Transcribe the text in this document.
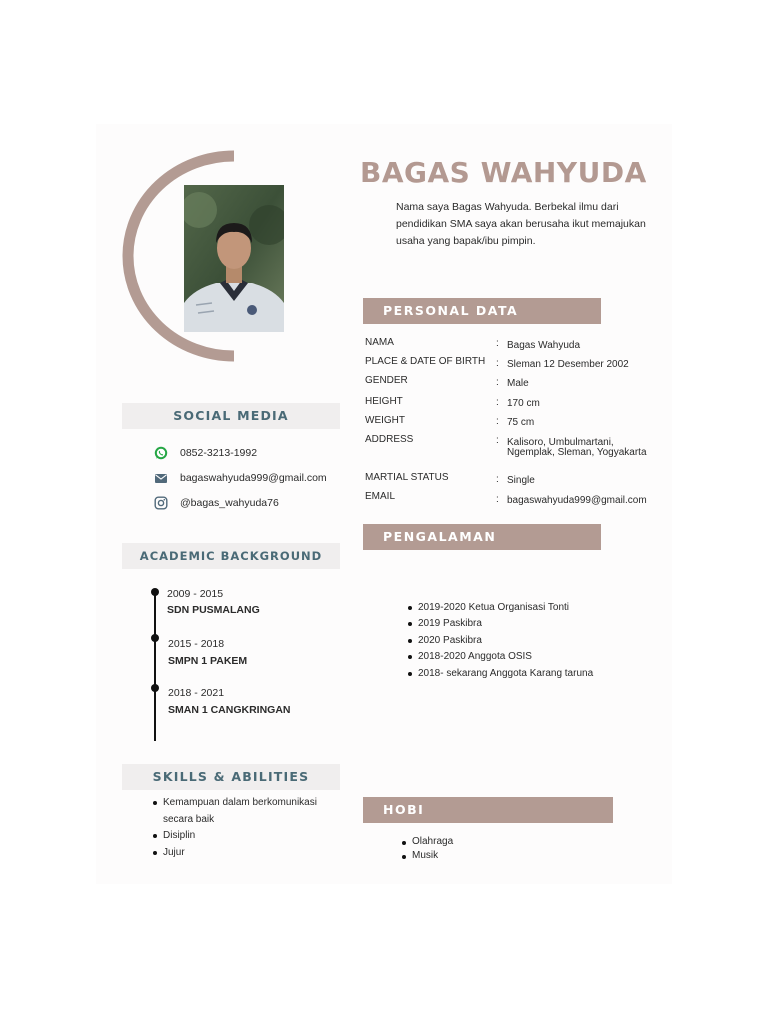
BAGAS WAHYUDA
Nama saya Bagas Wahyuda. Berbekal ilmu dari pendidikan SMA saya akan berusaha ikut memajukan usaha yang bapak/ibu pimpin.
PERSONAL DATA
NAMA	: Bagas Wahyuda
PLACE & DATE OF BIRTH : Sleman 12 Desember 2002
GENDER	: Male
HEIGHT	: 170 cm
WEIGHT	: 75 cm
ADDRESS	: Kalisoro, Umbulmartani,
Ngemplak, Sleman, Yogyakarta
MARTIAL STATUS	: Single
EMAIL	: bagaswahyuda999@gmail.com
SOCIAL MEDIA
0852-3213-1992
bagaswahyuda999@gmail.com
@bagas_wahyuda76
ACADEMIC BACKGROUND
2009 - 2015
SDN PUSMALANG
2015 - 2018
SMPN 1 PAKEM
2018 - 2021
SMAN 1 CANGKRINGAN
PENGALAMAN
2019-2020 Ketua Organisasi Tonti
2019 Paskibra
2020 Paskibra
2018-2020 Anggota OSIS
2018- sekarang Anggota Karang taruna
SKILLS & ABILITIES
Kemampuan dalam berkomunikasi secara baik
Disiplin
Jujur
HOBI
Olahraga
Musik
